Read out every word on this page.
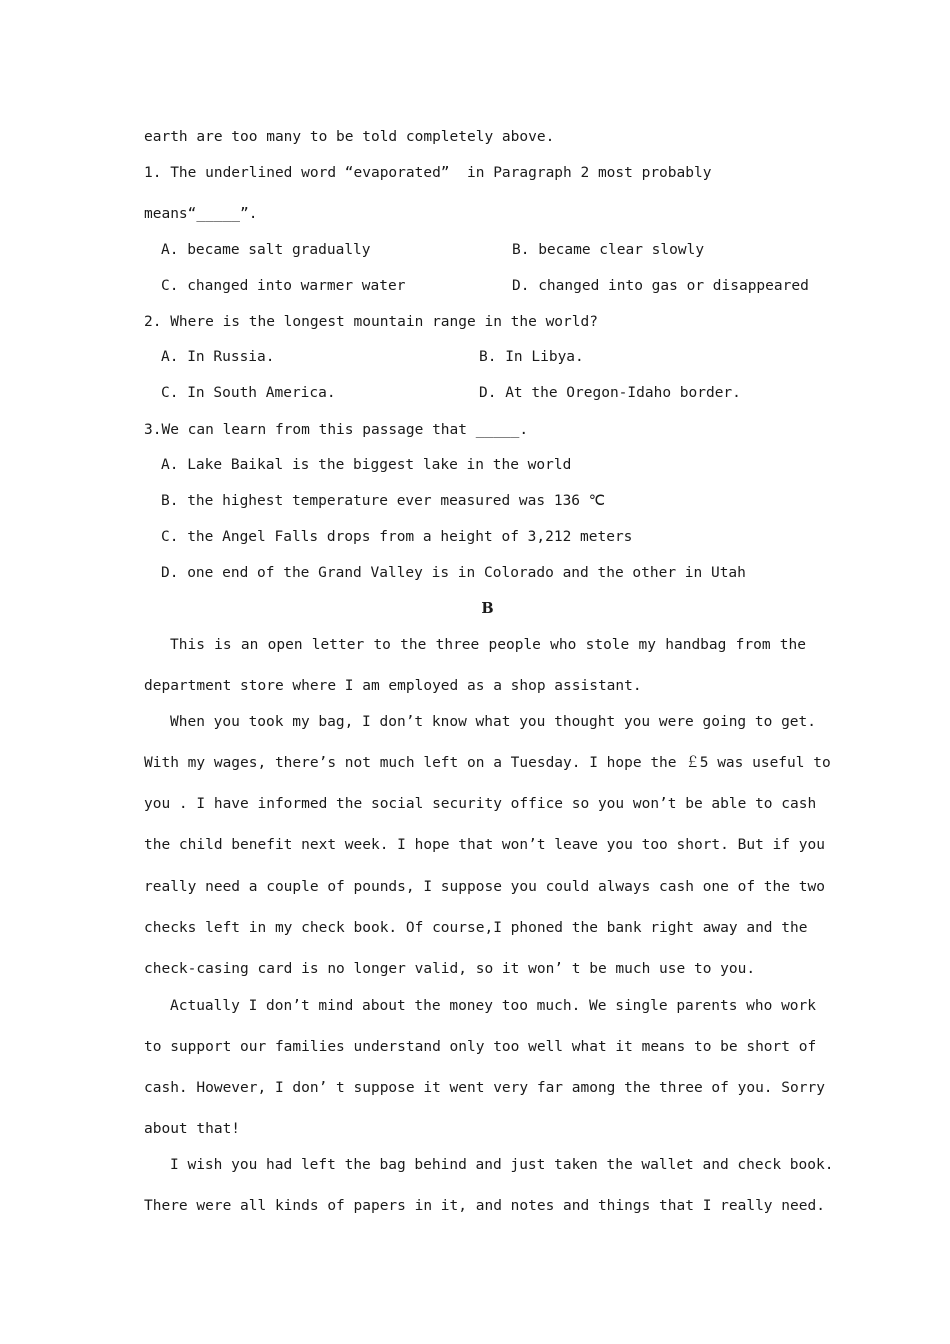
earth are too many to be told completely above.
1. The underlined word “evaporated”  in Paragraph 2 most probably
means“_____”.
A. became salt gradually	B. became clear slowly
C. changed into warmer water	D. changed into gas or disappeared
2. Where is the longest mountain range in the world?
A. In Russia.	B. In Libya.
C. In South America.	D. At the Oregon-Idaho border.
3.We can learn from this passage that _____.
A. Lake Baikal is the biggest lake in the world
B. the highest temperature ever measured was 136 ℃
C. the Angel Falls drops from a height of 3,212 meters
D. one end of the Grand Valley is in Colorado and the other in Utah
B
This is an open letter to the three people who stole my handbag from the
department store where I am employed as a shop assistant.
When you took my bag, I don’t know what you thought you were going to get.
With my wages, there’s not much left on a Tuesday. I hope the ￡5 was useful to
you . I have informed the social security office so you won’t be able to cash
the child benefit next week. I hope that won’t leave you too short. But if you
really need a couple of pounds, I suppose you could always cash one of the two
checks left in my check book. Of course,I phoned the bank right away and the
check-casing card is no longer valid, so it won’ t be much use to you.
Actually I don’t mind about the money too much. We single parents who work
to support our families understand only too well what it means to be short of
cash. However, I don’ t suppose it went very far among the three of you. Sorry
about that!
I wish you had left the bag behind and just taken the wallet and check book.
There were all kinds of papers in it, and notes and things that I really need.
